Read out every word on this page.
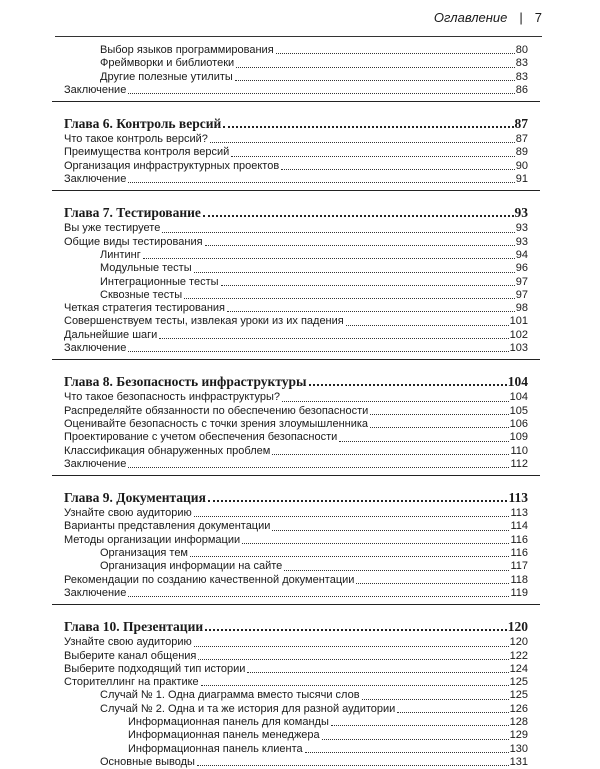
Оглавление | 7
Выбор языков программирования	80
Фреймворки и библиотеки	83
Другие полезные утилиты	83
Заключение	86
Глава 6. Контроль версий	87
Что такое контроль версий?	87
Преимущества контроля версий	89
Организация инфраструктурных проектов	90
Заключение	91
Глава 7. Тестирование	93
Вы уже тестируете	93
Общие виды тестирования	93
Линтинг	94
Модульные тесты	96
Интеграционные тесты	97
Сквозные тесты	97
Четкая стратегия тестирования	98
Совершенствуем тесты, извлекая уроки из их падения	101
Дальнейшие шаги	102
Заключение	103
Глава 8. Безопасность инфраструктуры	104
Что такое безопасность инфраструктуры?	104
Распределяйте обязанности по обеспечению безопасности	105
Оценивайте безопасность с точки зрения злоумышленника	106
Проектирование с учетом обеспечения безопасности	109
Классификация обнаруженных проблем	110
Заключение	112
Глава 9. Документация	113
Узнайте свою аудиторию	113
Варианты представления документации	114
Методы организации информации	116
Организация тем	116
Организация информации на сайте	117
Рекомендации по созданию качественной документации	118
Заключение	119
Глава 10. Презентации	120
Узнайте свою аудиторию	120
Выберите канал общения	122
Выберите подходящий тип истории	124
Сторителлинг на практике	125
Случай № 1. Одна диаграмма вместо тысячи слов	125
Случай № 2. Одна и та же история для разной аудитории	126
Информационная панель для команды	128
Информационная панель менеджера	129
Информационная панель клиента	130
Основные выводы	131
